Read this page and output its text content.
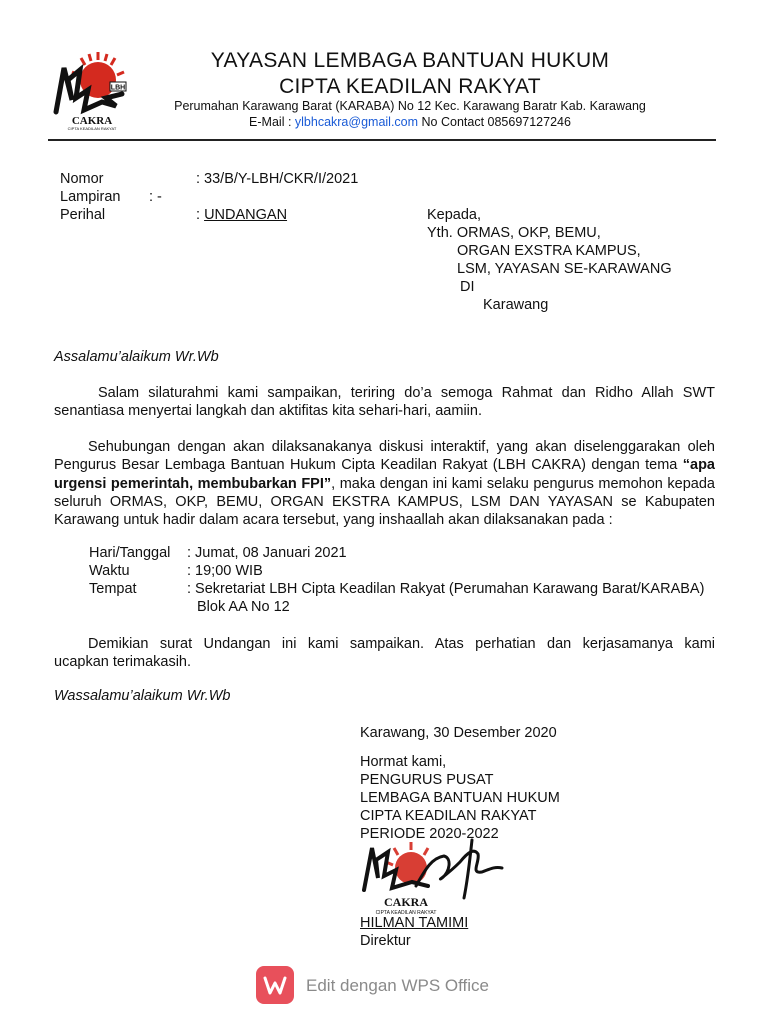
LBH
CAKRA
CIPTA KEADILAN RAKYAT
YAYASAN LEMBAGA BANTUAN HUKUM
CIPTA KEADILAN RAKYAT
Perumahan Karawang Barat (KARABA) No 12 Kec. Karawang Baratr Kab. Karawang
E-Mail : ylbhcakra@gmail.com No Contact 085697127246
Nomor	: 33/B/Y-LBH/CKR/I/2021
Lampiran : -
Perihal	: UNDANGAN	Kepada,
Yth. ORMAS, OKP, BEMU,
ORGAN EXSTRA KAMPUS,
LSM, YAYASAN SE-KARAWANG
DI
Karawang
Assalamu’alaikum Wr.Wb
Salam silaturahmi kami sampaikan, teriring do’a semoga Rahmat dan Ridho Allah SWT
senantiasa menyertai langkah dan aktifitas kita sehari-hari, aamiin.
Sehubungan dengan akan dilaksanakanya diskusi interaktif, yang akan diselenggarakan oleh
Pengurus Besar Lembaga Bantuan Hukum Cipta Keadilan Rakyat (LBH CAKRA) dengan tema “apa
urgensi pemerintah, membubarkan FPI”, maka dengan ini kami selaku pengurus memohon kepada
seluruh ORMAS, OKP, BEMU, ORGAN EKSTRA KAMPUS, LSM DAN YAYASAN se Kabupaten
Karawang untuk hadir dalam acara tersebut, yang inshaallah akan dilaksanakan pada :
Hari/Tanggal : Jumat, 08 Januari 2021
Waktu	: 19;00 WIB
Tempat	: Sekretariat LBH Cipta Keadilan Rakyat (Perumahan Karawang Barat/KARABA)
Blok AA No 12
Demikian surat Undangan ini kami sampaikan. Atas perhatian dan kerjasamanya kami
ucapkan terimakasih.
Wassalamu’alaikum Wr.Wb
Karawang, 30 Desember 2020
Hormat kami,
PENGURUS PUSAT
LEMBAGA BANTUAN HUKUM
CIPTA KEADILAN RAKYAT
PERIODE 2020-2022
CAKRA
CIPTA KEADILAN RAKYAT
HILMAN TAMIMI
Direktur
Edit dengan WPS Office
